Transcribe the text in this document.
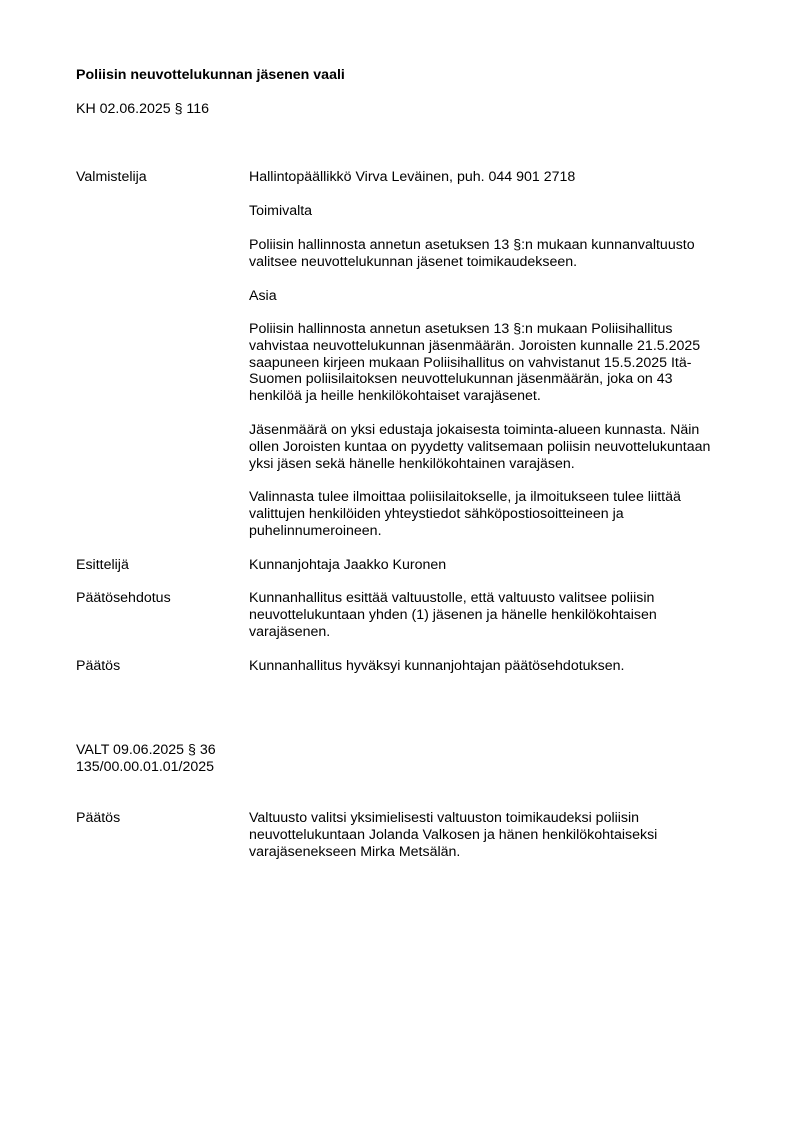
Poliisin neuvottelukunnan jäsenen vaali
KH 02.06.2025 § 116
Valmistelija	Hallintopäällikkö Virva Leväinen, puh. 044 901 2718
Toimivalta
Poliisin hallinnosta annetun asetuksen 13 §:n mukaan kunnanvaltuusto
valitsee neuvottelukunnan jäsenet toimikaudekseen.
Asia
Poliisin hallinnosta annetun asetuksen 13 §:n mukaan Poliisihallitus
vahvistaa neuvottelukunnan jäsenmäärän. Joroisten kunnalle 21.5.2025
saapuneen kirjeen mukaan Poliisihallitus on vahvistanut 15.5.2025 Itä-
Suomen poliisilaitoksen neuvottelukunnan jäsenmäärän, joka on 43
henkilöä ja heille henkilökohtaiset varajäsenet.
Jäsenmäärä on yksi edustaja jokaisesta toiminta-alueen kunnasta. Näin
ollen Joroisten kuntaa on pyydetty valitsemaan poliisin neuvottelukuntaan
yksi jäsen sekä hänelle henkilökohtainen varajäsen.
Valinnasta tulee ilmoittaa poliisilaitokselle, ja ilmoitukseen tulee liittää
valittujen henkilöiden yhteystiedot sähköpostiosoitteineen ja
puhelinnumeroineen.
Esittelijä	Kunnanjohtaja Jaakko Kuronen
Päätösehdotus	Kunnanhallitus esittää valtuustolle, että valtuusto valitsee poliisin
neuvottelukuntaan yhden (1) jäsenen ja hänelle henkilökohtaisen
varajäsenen.
Päätös	Kunnanhallitus hyväksyi kunnanjohtajan päätösehdotuksen.
VALT 09.06.2025 § 36
135/00.00.01.01/2025
Päätös	Valtuusto valitsi yksimielisesti valtuuston toimikaudeksi poliisin
neuvottelukuntaan Jolanda Valkosen ja hänen henkilökohtaiseksi
varajäsenekseen Mirka Metsälän.
